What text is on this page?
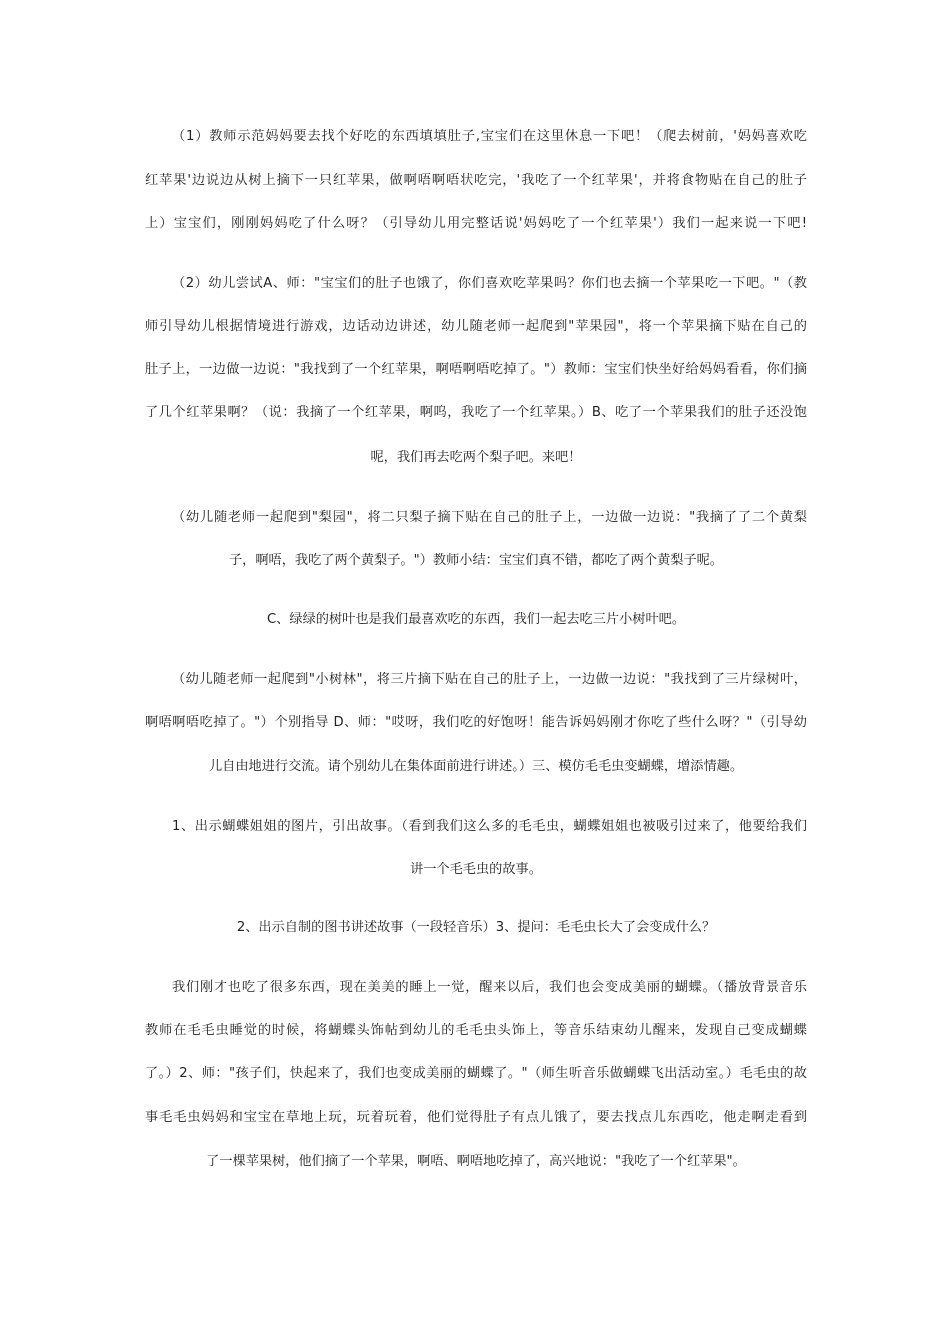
（1）教师示范妈妈要去找个好吃的东西填填肚子,宝宝们在这里休息一下吧！（爬去树前，'妈妈喜欢吃
红苹果'边说边从树上摘下一只红苹果，做啊唔啊唔状吃完，'我吃了一个红苹果'，并将食物贴在自己的肚子
上）宝宝们，刚刚妈妈吃了什么呀？（引导幼儿用完整话说'妈妈吃了一个红苹果'）我们一起来说一下吧!
（2）幼儿尝试A、师："宝宝们的肚子也饿了，你们喜欢吃苹果吗？你们也去摘一个苹果吃一下吧。"（教
师引导幼儿根据情境进行游戏，边话动边讲述，幼儿随老师一起爬到"苹果园"，将一个苹果摘下贴在自己的
肚子上，一边做一边说："我找到了一个红苹果，啊唔啊唔吃掉了。"）教师：宝宝们快坐好给妈妈看看，你们摘
了几个红苹果啊？（说：我摘了一个红苹果，啊呜，我吃了一个红苹果。）B、吃了一个苹果我们的肚子还没饱
呢，我们再去吃两个梨子吧。来吧！
（幼儿随老师一起爬到"梨园"，将二只梨子摘下贴在自己的肚子上，一边做一边说："我摘了了二个黄梨
子，啊唔，我吃了两个黄梨子。"）教师小结：宝宝们真不错，都吃了两个黄梨子呢。
C、绿绿的树叶也是我们最喜欢吃的东西，我们一起去吃三片小树叶吧。
（幼儿随老师一起爬到"小树林"，将三片摘下贴在自己的肚子上，一边做一边说："我找到了三片绿树叶，
啊唔啊唔吃掉了。"）个别指导 D、师："哎呀，我们吃的好饱呀！能告诉妈妈刚才你吃了些什么呀？"（引导幼
儿自由地进行交流。请个别幼儿在集体面前进行讲述。）三、模仿毛毛虫变蝴蝶，增添情趣。
1、出示蝴蝶姐姐的图片，引出故事。（看到我们这么多的毛毛虫，蝴蝶姐姐也被吸引过来了，他要给我们
讲一个毛毛虫的故事。
2、出示自制的图书讲述故事（一段轻音乐）3、提问：毛毛虫长大了会变成什么？
我们刚才也吃了很多东西，现在美美的睡上一觉，醒来以后，我们也会变成美丽的蝴蝶。（播放背景音乐
教师在毛毛虫睡觉的时候，将蝴蝶头饰帖到幼儿的毛毛虫头饰上，等音乐结束幼儿醒来，发现自己变成蝴蝶
了。）2、师："孩子们，快起来了，我们也变成美丽的蝴蝶了。"（师生听音乐做蝴蝶飞出活动室。）毛毛虫的故
事毛毛虫妈妈和宝宝在草地上玩，玩着玩着，他们觉得肚子有点儿饿了，要去找点儿东西吃，他走啊走看到
了一棵苹果树，他们摘了一个苹果，啊唔、啊唔地吃掉了，高兴地说："我吃了一个红苹果"。
